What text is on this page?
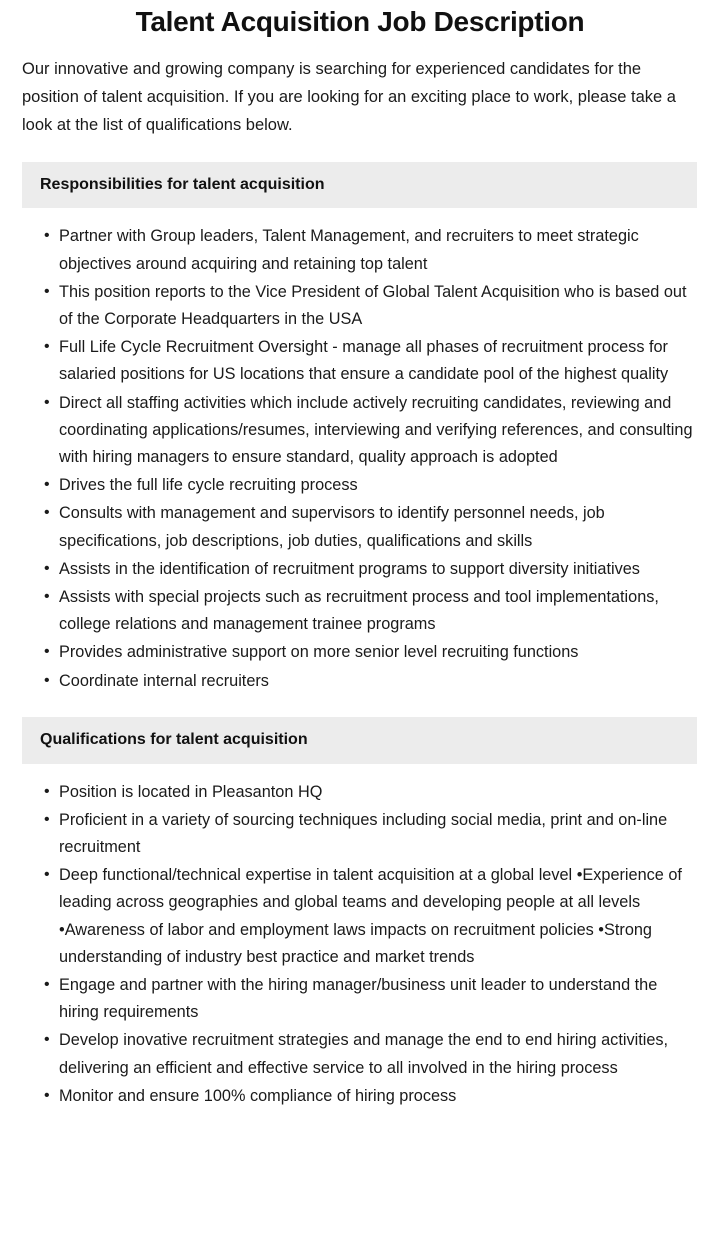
Talent Acquisition Job Description

Our innovative and growing company is searching for experienced candidates for the position of talent acquisition. If you are looking for an exciting place to work, please take a look at the list of qualifications below.

Responsibilities for talent acquisition
• Partner with Group leaders, Talent Management, and recruiters to meet strategic objectives around acquiring and retaining top talent
• This position reports to the Vice President of Global Talent Acquisition who is based out of the Corporate Headquarters in the USA
• Full Life Cycle Recruitment Oversight - manage all phases of recruitment process for salaried positions for US locations that ensure a candidate pool of the highest quality
• Direct all staffing activities which include actively recruiting candidates, reviewing and coordinating applications/resumes, interviewing and verifying references, and consulting with hiring managers to ensure standard, quality approach is adopted
• Drives the full life cycle recruiting process
• Consults with management and supervisors to identify personnel needs, job specifications, job descriptions, job duties, qualifications and skills
• Assists in the identification of recruitment programs to support diversity initiatives
• Assists with special projects such as recruitment process and tool implementations, college relations and management trainee programs
• Provides administrative support on more senior level recruiting functions
• Coordinate internal recruiters
Qualifications for talent acquisition
• Position is located in Pleasanton HQ
• Proficient in a variety of sourcing techniques including social media, print and on-line recruitment
• Deep functional/technical expertise in talent acquisition at a global level •Experience of leading across geographies and global teams and developing people at all levels •Awareness of labor and employment laws impacts on recruitment policies •Strong understanding of industry best practice and market trends
• Engage and partner with the hiring manager/business unit leader to understand the hiring requirements
• Develop inovative recruitment strategies and manage the end to end hiring activities, delivering an efficient and effective service to all involved in the hiring process
• Monitor and ensure 100% compliance of hiring process
